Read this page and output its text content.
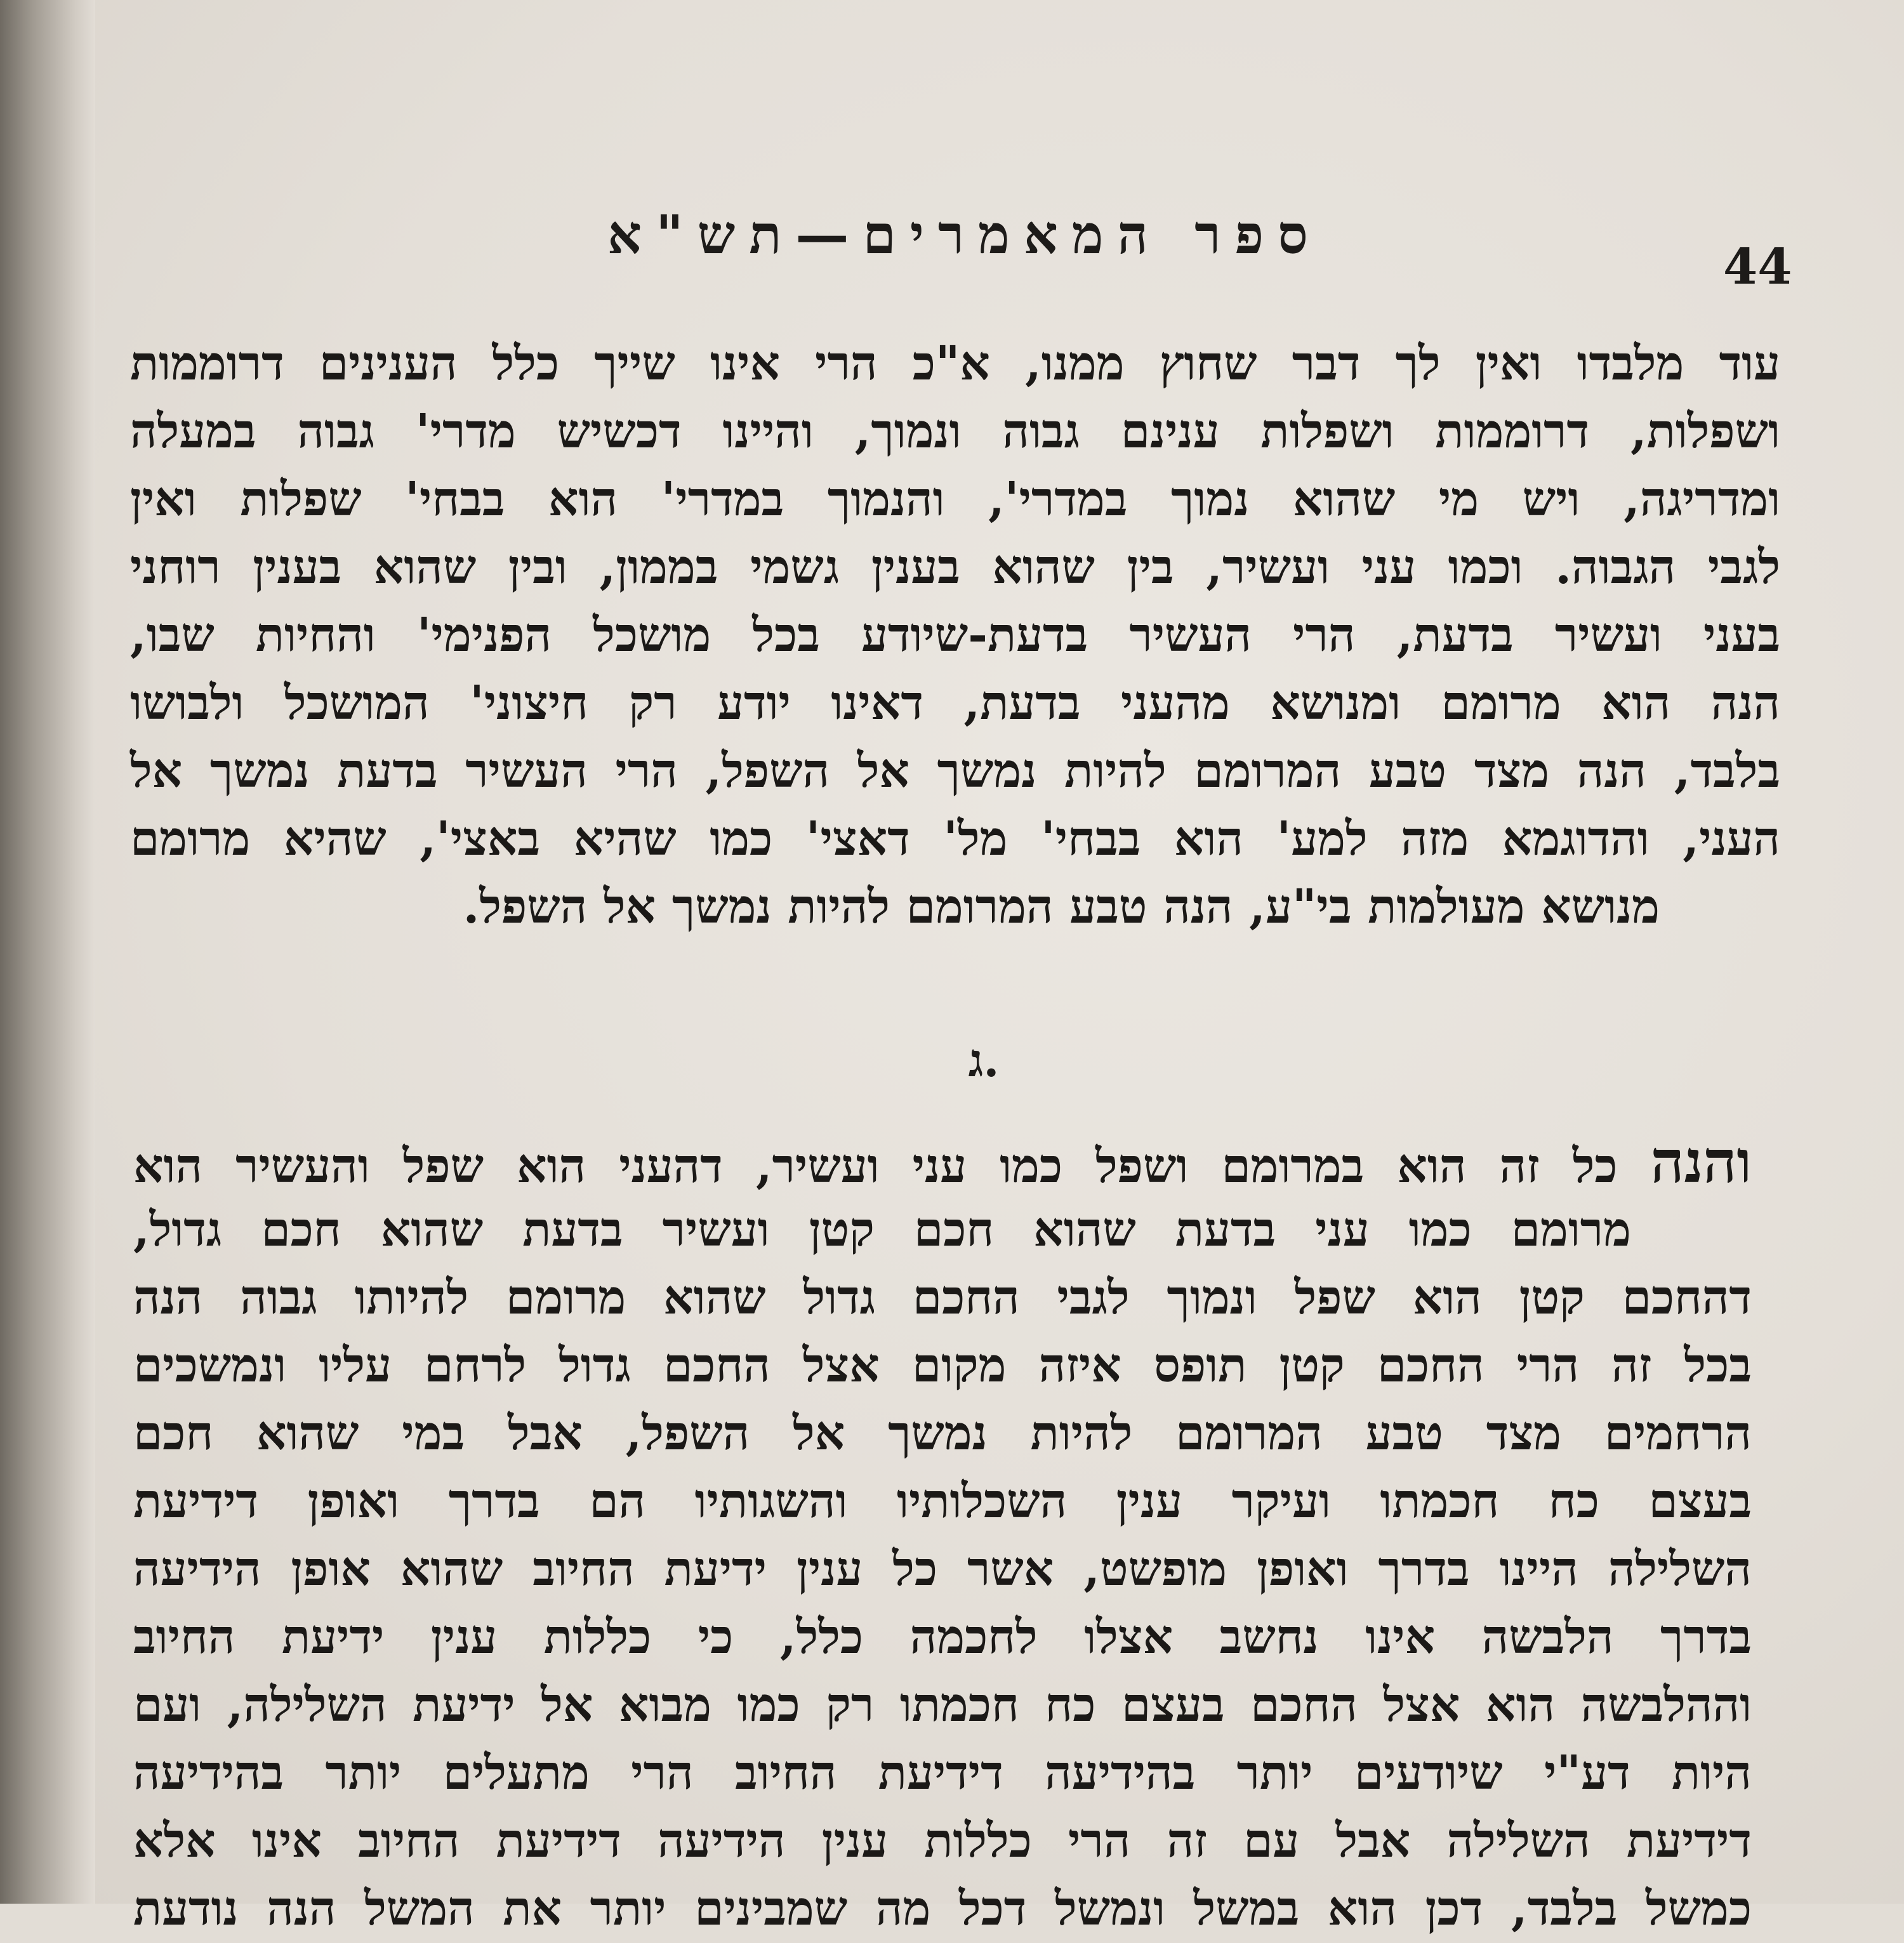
ספר המאמרים—תש"א
44
עוד מלבדו ואין לך דבר שחוץ ממנו, א"כ הרי אינו שייך כלל הענינים דרוממות
ושפלות, דרוממות ושפלות ענינם גבוה ונמוך, והיינו דכשיש מדרי' גבוה במעלה
ומדריגה, ויש מי שהוא נמוך במדרי', והנמוך במדרי' הוא בבחי' שפלות ואין
לגבי הגבוה. וכמו עני ועשיר, בין שהוא בענין גשמי בממון, ובין שהוא בענין רוחני
בעני ועשיר בדעת, הרי העשיר בדעת-שיודע בכל מושכל הפנימי' והחיות שבו,
הנה הוא מרומם ומנושא מהעני בדעת, דאינו יודע רק חיצוני' המושכל ולבושו
בלבד, הנה מצד טבע המרומם להיות נמשך אל השפל, הרי העשיר בדעת נמשך אל
העני, והדוגמא מזה למע' הוא בבחי' מל' דאצי' כמו שהיא באצי', שהיא מרומם
מנושא מעולמות בי"ע, הנה טבע המרומם להיות נמשך אל השפל.
ג.
והנה כל זה הוא במרומם ושפל כמו עני ועשיר, דהעני הוא שפל והעשיר הוא
מרומם כמו עני בדעת שהוא חכם קטן ועשיר בדעת שהוא חכם גדול,
דהחכם קטן הוא שפל ונמוך לגבי החכם גדול שהוא מרומם להיותו גבוה הנה
בכל זה הרי החכם קטן תופס איזה מקום אצל החכם גדול לרחם עליו ונמשכים
הרחמים מצד טבע המרומם להיות נמשך אל השפל, אבל במי שהוא חכם
בעצם כח חכמתו ועיקר ענין השכלותיו והשגותיו הם בדרך ואופן דידיעת
השלילה היינו בדרך ואופן מופשט, אשר כל ענין ידיעת החיוב שהוא אופן הידיעה
בדרך הלבשה אינו נחשב אצלו לחכמה כלל, כי כללות ענין ידיעת החיוב
וההלבשה הוא אצל החכם בעצם כח חכמתו רק כמו מבוא אל ידיעת השלילה, ועם
היות דע"י שיודעים יותר בהידיעה דידיעת החיוב הרי מתעלים יותר בהידיעה
דידיעת השלילה אבל עם זה הרי כללות ענין הידיעה דידיעת החיוב אינו אלא
כמשל בלבד, דכן הוא במשל ונמשל דכל מה שמבינים יותר את המשל הנה נודעת
